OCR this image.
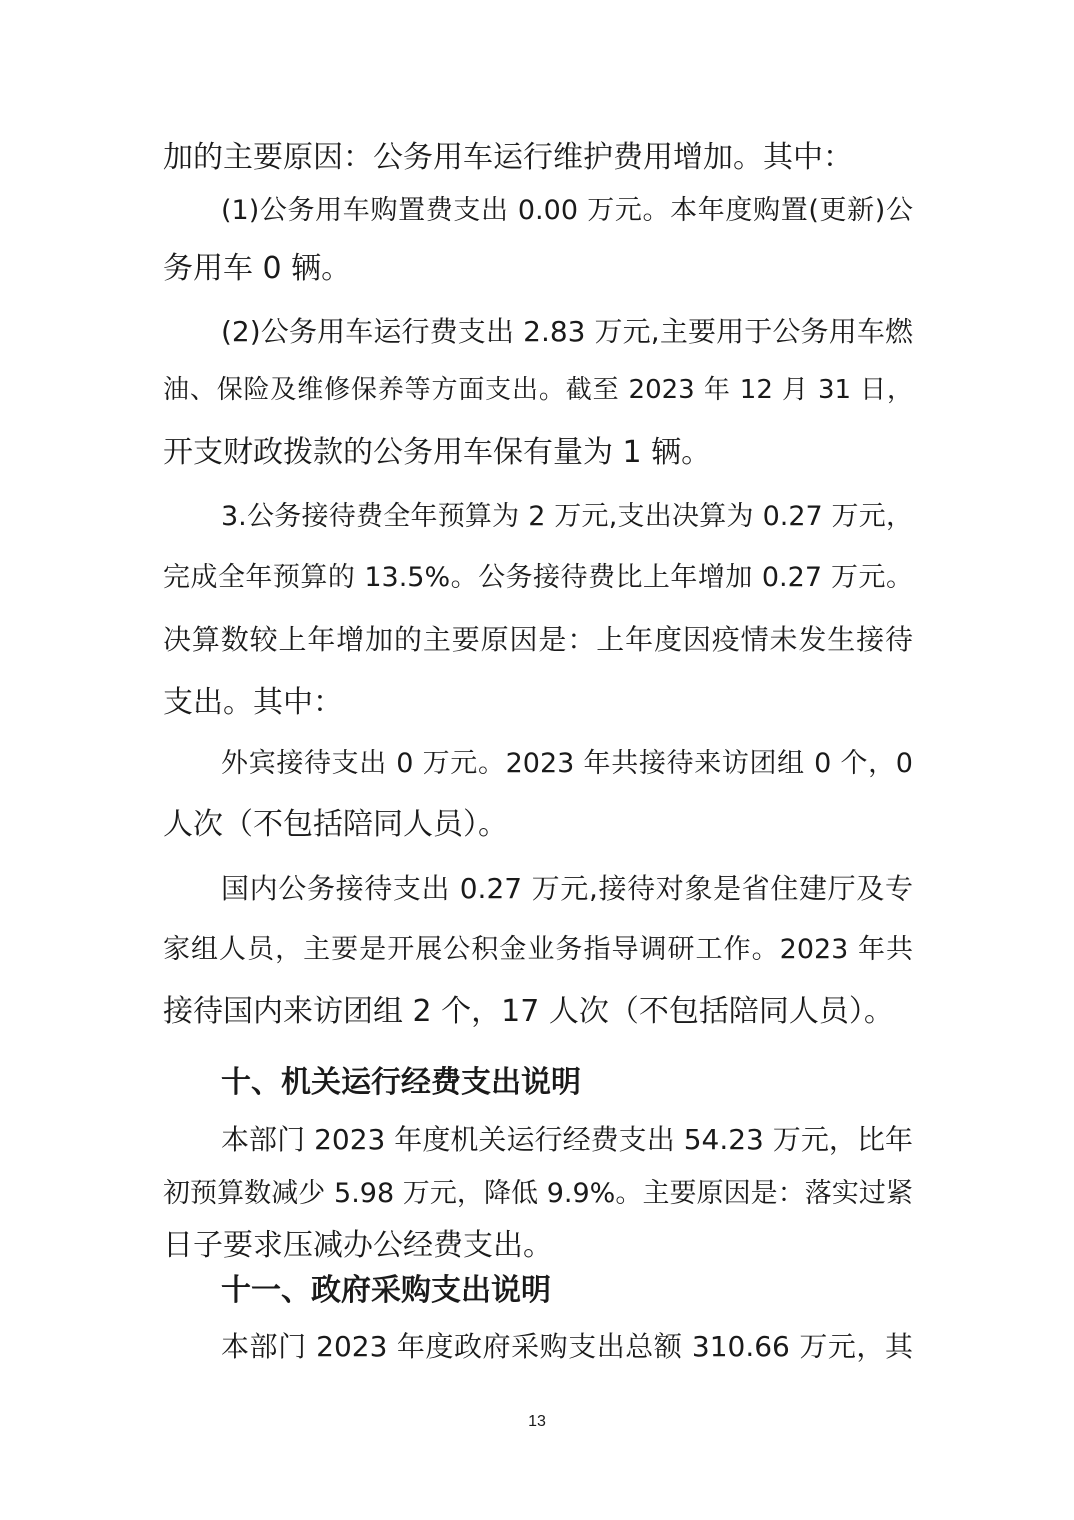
加的主要原因：公务用车运行维护费用增加。其中：
(1)公务用车购置费支出 0.00 万元。本年度购置(更新)公
务用车 0 辆。
(2)公务用车运行费支出 2.83 万元,主要用于公务用车燃
油、保险及维修保养等方面支出。截至 2023 年 12 月 31 日，
开支财政拨款的公务用车保有量为 1 辆。
3.公务接待费全年预算为 2 万元,支出决算为 0.27 万元，
完成全年预算的 13.5%。公务接待费比上年增加 0.27 万元。
决算数较上年增加的主要原因是：上年度因疫情未发生接待
支出。其中：
外宾接待支出 0 万元。2023 年共接待来访团组 0 个，0
人次（不包括陪同人员）。
国内公务接待支出 0.27 万元,接待对象是省住建厅及专
家组人员，主要是开展公积金业务指导调研工作。2023 年共
接待国内来访团组 2 个，17 人次（不包括陪同人员）。
十、机关运行经费支出说明
本部门 2023 年度机关运行经费支出 54.23 万元，比年
初预算数减少 5.98 万元，降低 9.9%。主要原因是：落实过紧
日子要求压减办公经费支出。
十一、政府采购支出说明
本部门 2023 年度政府采购支出总额 310.66 万元，其
13
